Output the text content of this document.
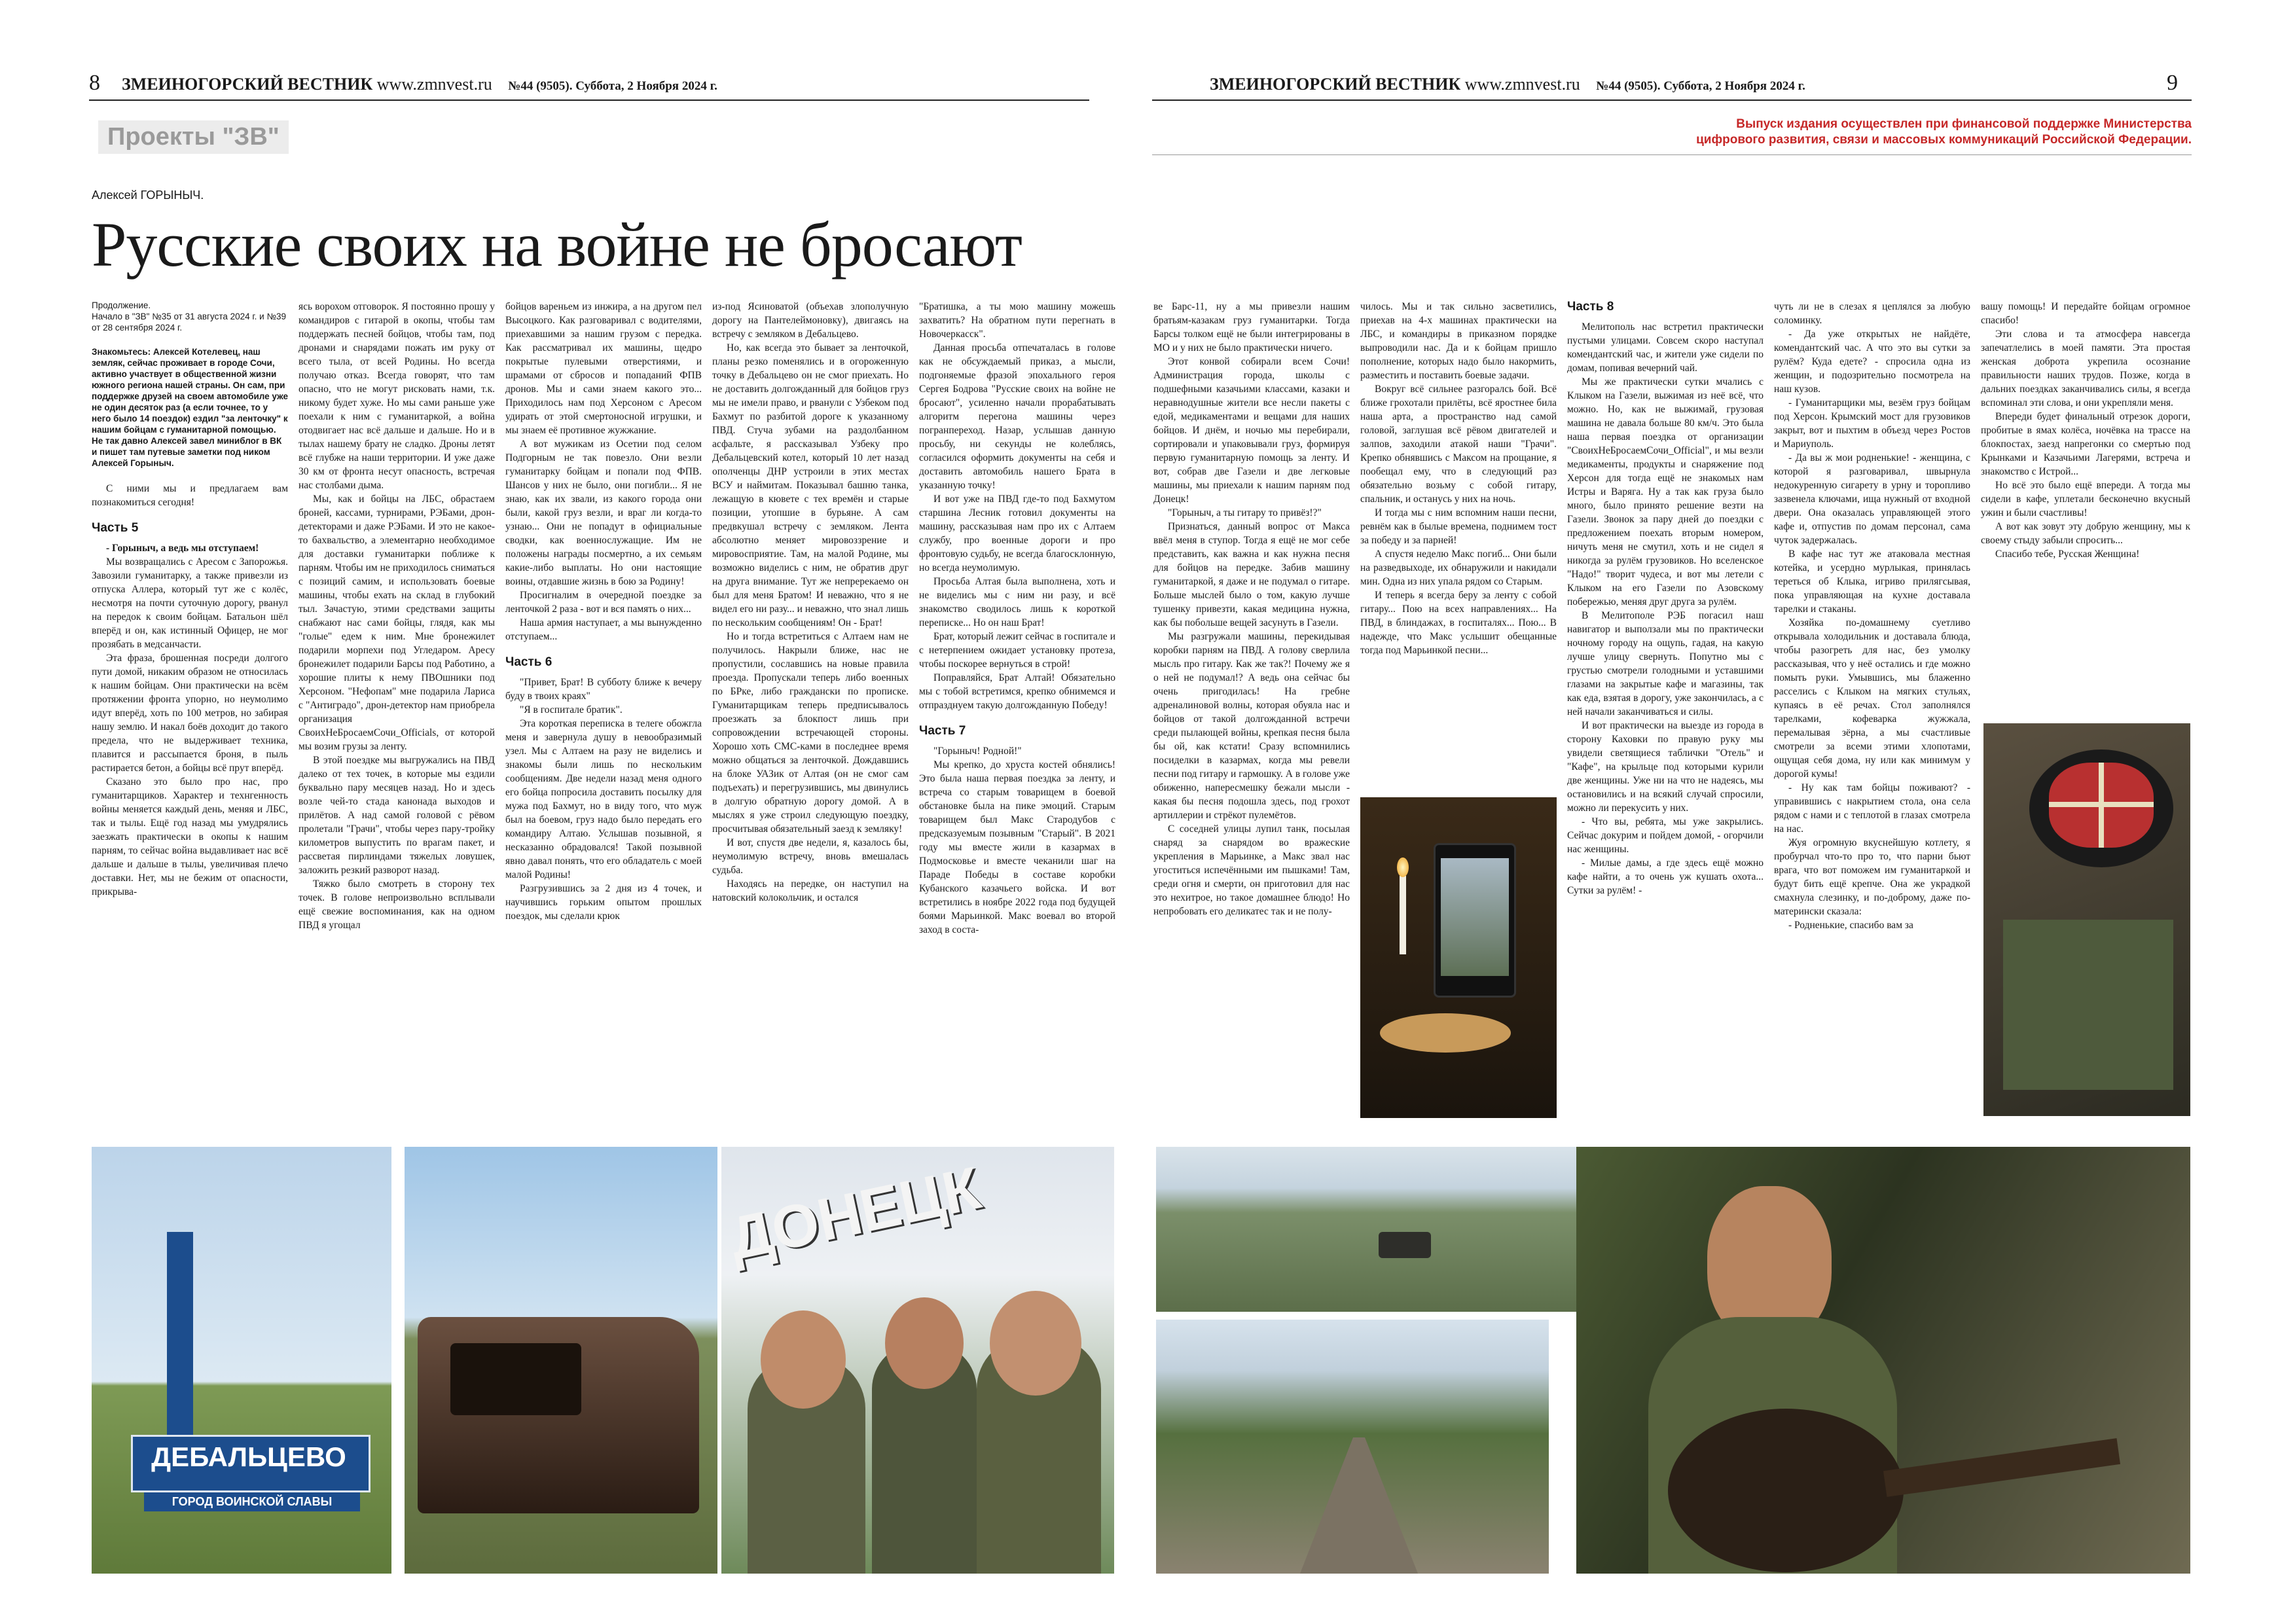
8 ЗМЕИНОГОРСКИЙ ВЕСТНИК www.zmnvest.ru №44 (9505). Суббота, 2 Ноября 2024 г.	ЗМЕИНОГОРСКИЙ ВЕСТНИК www.zmnvest.ru №44 (9505). Суббота, 2 Ноября 2024 г.	9
Проекты "ЗВ"	Выпуск издания осуществлен при финансовой поддержке Министерства
цифрового развития, связи и массовых коммуникаций Российской Федерации.
Алексей ГОРЫНЫЧ.
Русские своих на войне не бросают
Продолжение.
Начало в "ЗВ" №35 от 31 августа 2024 г. и №39 от 28 сентября 2024 г.
Знакомьтесь: Алексей Котелевец, наш земляк, сейчас проживает в городе Сочи, активно участвует в общественной жизни южного региона нашей страны. Он сам, при поддержке друзей на своем автомобиле уже не один десяток раз (а если точнее, то у него было 14 поездок) ездил "за ленточку" к нашим бойцам с гуманитарной помощью. Не так давно Алексей завел миниблог в ВК и пишет там путевые заметки под ником Алексей Горыныч.

С ними мы и предлагаем вам познакомиться сегодня!

Часть 5

- Горыныч, а ведь мы отступаем!

Мы возвращались с Аресом с Запорожья. Завозили гуманитарку, а также привезли из отпуска Аллера, который тут же с колёс, несмотря на почти суточную дорогу, рванул на передок к своим бойцам. Батальон шёл вперёд и он, как истинный Офицер, не мог прозябать в медсанчасти.

Эта фраза, брошенная посреди долгого пути домой, никаким образом не относилась к нашим бойцам. Они практически на всём протяжении фронта упорно, но неумолимо идут вперёд, хоть по 100 метров, но забирая нашу землю. И накал боёв доходит до такого предела, что не выдерживает техника, плавится и рассыпается броня, в пыль растирается бетон, а бойцы всё прут вперёд.

Сказано это было про нас, про гуманитарщиков. Характер и технгенность войны меняется каждый день, меняя и ЛБС, так и тылы. Ещё год назад мы умудрялись заезжать практически в окопы к нашим парням, то сейчас война выдавливает нас всё дальше и дальше в тылы, увеличивая плечо доставки. Нет, мы не бежим от опасности, прикрыва-

ясь ворохом отговорок. Я постоянно прошу у командиров с гитарой в окопы, чтобы там поддержать песней бойцов, чтобы там, под дронами и снарядами пожать им руку от всего тыла, от всей Родины. Но всегда получаю отказ. Всегда говорят, что там опасно, что не могут рисковать нами, т.к. никому будет хуже. Но мы сами раньше уже поехали к ним с гуманитаркой, а война отодвигает нас всё дальше и дальше. Но и в тылах нашему брату не сладко. Дроны летят всё глубже на наши территории. И уже даже 30 км от фронта несут опасность, встречая нас столбами дыма.

Мы, как и бойцы на ЛБС, обрастаем броней, кассами, турнирами, РЭБами, дрон-детекторами и даже РЭБами. И это не какое-то бахвальство, а элементарно необходимое для доставки гуманитарки поближе к парням. Чтобы им не приходилось сниматься с позиций самим, и использовать боевые машины, чтобы ехать на склад в глубокий тыл. Зачастую, этими средствами защиты снабжают нас сами бойцы, глядя, как мы "голые" едем к ним. Мне бронежилет подарили морпехи под Угледаром. Аресу бронежилет подарили Барсы под Работино, а хорошие плиты к нему ПВОшники под Херсоном. "Нефопам" мне подарила Лариса с "Антиградо", дрон-детектор нам приобрела организация СвоихНеБросаемСочи_Officials, от которой мы возим грузы за ленту.

В этой поездке мы выгружались на ПВД далеко от тех точек, в которые мы ездили буквально пару месяцев назад. Но и здесь возле чей-то стада канонада выходов и прилётов. А над самой головой с рёвом пролетали "Грачи", чтобы через пару-тройку километров выпустить по врагам пакет, и рассветая пирлиндами тяжелых ловушек, заложить резкий разворот назад.

Тяжко было смотреть в сторону тех точек. В голове непроизвольно всплывали ещё свежие воспоминания, как на одном ПВД я угощал

бойцов вареньем из инжира, а на другом пел Высоцкого. Как разговаривал с водителями, приехавшими за нашим грузом с передка. Как рассматривал их машины, щедро покрытые пулевыми отверстиями, и шрамами от сбросов и попаданий ФПВ дронов. Мы и сами знаем какого это... Приходилось нам под Херсоном с Аресом удирать от этой смертоносной игрушки, и мы знаем её противное жужжание.

А вот мужикам из Осетии под селом Подгорным не так повезло. Они везли гуманитарку бойцам и попали под ФПВ. Шансов у них не было, они погибли... Я не знаю, как их звали, из какого города они были, какой груз везли, и враг ли когда-то узнаю... Они не попадут в официальные сводки, как военнослужащие. Им не положены награды посмертно, а их семьям какие-либо выплаты. Но они настоящие воины, отдавшие жизнь в бою за Родину!

Просигналим в очередной поездке за ленточкой 2 раза - вот и вся память о них...

Наша армия наступает, а мы вынужденно отступаем...

Часть 6

"Привет, Брат! В субботу ближе к вечеру буду в твоих краях"

"Я в госпитале братик".

Эта короткая переписка в телеге обожгла меня и завернула душу в невообразимый узел. Мы с Алтаем на разу не виделись и знакомы были лишь по нескольким сообщениям. Две недели назад меня одного его бойца попросила доставить посылку для мужа под Бахмут, но в виду того, что муж был на боевом, груз надо было передать его командиру Алтаю. Услышав позывной, я несказанно обрадовался! Такой позывной явно давал понять, что его обладатель с моей малой Родины!

Разгрузившись за 2 дня из 4 точек, и научившись горьким опытом прошлых поездок, мы сделали крюк

из-под Ясиноватой (объехав злополучную дорогу на Пантелеймоновку), двигаясь на встречу с земляком в Дебальцево.

Но, как всегда это бывает за ленточкой, планы резко поменялись и в огороженную точку в Дебальцево он не смог приехать. Но не доставить долгожданный для бойцов груз мы не имели право, и рванули с Узбеком под Бахмут по разбитой дороге к указанному ПВД. Стуча зубами на раздолбанном асфальте, я рассказывал Узбеку про Дебальцевский котел, который 10 лет назад ополченцы ДНР устроили в этих местах ВСУ и наймитам. Показывал башню танка, лежащую в кювете с тех времён и старые позиции, утопшие в бурьяне. А сам предвкушал встречу с земляком. Лента абсолютно меняет мировоззрение и мировосприятие. Там, на малой Родине, мы возможно виделись с ним, не обратив друг на друга внимание. Тут же непререкаемо он был для меня Братом! И неважно, что я не видел его ни разу... и неважно, что знал лишь по нескольким сообщениям! Он - Брат!

Но и тогда встретиться с Алтаем нам не получилось. Накрыли ближе, нас не пропустили, сославшись на новые правила проезда. Пропускали теперь либо военных по БРке, либо граждански по прописке. Гуманитарщикам теперь предписывалось проезжать за блокпост лишь при сопровождении встречающей стороны. Хорошо хоть СМС-ками в последнее время можно общаться за ленточкой. Дождавшись на блоке УАЗик от Алтая (он не смог сам подъехать) и перегрузившись, мы двинулись в долгую обратную дорогу домой. А в мыслях я уже строил следующую поездку, просчитывая обязательный заезд к земляку!

И вот, спустя две недели, я, казалось бы, неумолимую встречу, вновь вмешалась судьба.

Находясь на передке, он наступил на натовский колокольчик, и остался

"Братишка, а ты мою машину можешь захватить? На обратном пути перегнать в Новочеркасск".

Данная просьба отпечаталась в голове как не обсуждаемый приказ, а мысли, подгоняемые фразой эпохального героя Сергея Бодрова "Русские своих на войне не бросают", усиленно начали прорабатывать алгоритм перегона машины через погранпереход. Назар, услышав данную просьбу, ни секунды не колеблясь, согласился оформить документы на себя и доставить автомобиль нашего Брата в указанную точку!

И вот уже на ПВД где-то под Бахмутом старшина Лесник готовил документы на машину, рассказывая нам про их с Алтаем службу, про военные дороги и про фронтовую судьбу, не всегда благосклонную, но всегда неумолимую.

Просьба Алтая была выполнена, хоть и не виделись мы с ним ни разу, и всё знакомство сводилось лишь к короткой переписке... Но он наш Брат!

Брат, который лежит сейчас в госпитале и с нетерпением ожидает установку протеза, чтобы поскорее вернуться в строй!

Поправляйся, Брат Алтай! Обязательно мы с тобой встретимся, крепко обнимемся и отпразднуем такую долгожданную Победу!

Часть 7

"Горыныч! Родной!"

Мы крепко, до хруста костей обнялись! Это была наша первая поездка за ленту, и встреча со старым товарищем в боевой обстановке была на пике эмоций. Старым товарищем был Макс Стародубов с предсказуемым позывным "Старый". В 2021 году мы вместе жили в казармах в Подмосковье и вместе чеканили шаг на Параде Победы в составе коробки Кубанского казачьего войска. И вот встретились в ноябре 2022 года под будущей боями Марьинкой. Макс воевал во второй заход в соста-

ве Барс-11, ну а мы привезли нашим братьям-казакам груз гуманитарки. Тогда Барсы толком ещё не были интегрированы в МО и у них не было практически ничего.

Этот конвой собирали всем Сочи! Администрация города, школы с подшефными казачьими классами, казаки и неравнодушные жители все несли пакеты с едой, медикаментами и вещами для наших бойцов. И днём, и ночью мы перебирали, сортировали и упаковывали груз, формируя первую гуманитарную помощь за ленту. И вот, собрав две Газели и две легковые машины, мы приехали к нашим парням под Донецк!

"Горыныч, а ты гитару то привёз!?"

Признаться, данный вопрос от Макса ввёл меня в ступор. Тогда я ещё не мог себе представить, как важна и как нужна песня для бойцов на передке. Забив машину гуманитаркой, я даже и не подумал о гитаре. Больше мыслей было о том, какую лучше тушенку привезти, какая медицина нужна, как бы побольше вещей засунуть в Газели.

Мы разгружали машины, перекидывая коробки парням на ПВД. А голову сверлила мысль про гитару. Как же так?! Почему же я о ней не подумал!? А ведь она сейчас бы очень пригодилась! На гребне адреналиновой волны, которая обуяла нас и бойцов от такой долгожданной встречи среди пылающей войны, крепкая песня была бы ой, как кстати! Сразу вспомнились посиделки в казармах, когда мы ревели песни под гитару и гармошку. А в голове уже обиженно, напересмешку бежали мысли - какая бы песня подошла здесь, под грохот артиллерии и стрёкот пулемётов.

С соседней улицы лупил танк, посылая снаряд за снарядом во вражеские укрепления в Марьинке, а Макс звал нас угоститься испечёнными им пышками! Там, среди огня и смерти, он приготовил для нас это нехитрое, но такое домашнее блюдо! Но непробовать его деликатес так и не полу-

чилось. Мы и так сильно засветились, приехав на 4-х машинах практически на ЛБС, и командиры в приказном порядке выпроводили нас. Да и к бойцам пришло пополнение, которых надо было накормить, разместить и поставить боевые задачи.

Вокруг всё сильнее разгоралсь бой. Всё ближе грохотали прилёты, всё яростнее била наша арта, а пространство над самой головой, заглушая всё рёвом двигателей и залпов, заходили атакой наши "Грачи". Крепко обнявшись с Максом на прощание, я пообещал ему, что в следующий раз обязательно возьму с собой гитару, спальник, и останусь у них на ночь.

И тогда мы с ним вспомним наши песни, ревнём как в былые времена, поднимем тост за победу и за парней!

А спустя неделю Макс погиб... Они были на разведвыходе, их обнаружили и накидали мин. Одна из них упала рядом со Старым.

И теперь я всегда беру за ленту с собой гитару... Пою на всех направлениях... На ПВД, в блиндажах, в госпиталях... Пою... В надежде, что Макс услышит обещанные тогда под Марьинкой песни...

Часть 8

Мелитополь нас встретил практически пустыми улицами. Совсем скоро наступал комендантский час, и жители уже сидели по домам, попивая вечерний чай.

Мы же практически сутки мчались с Клыком на Газели, выжимая из неё всё, что можно. Но, как не выжимай, грузовая машина не давала больше 80 км/ч. Это была наша первая поездка от организации "СвоихНеБросаемСочи_Official", и мы везли медикаменты, продукты и снаряжение под Херсон для тогда ещё не знакомых нам Истры и Варяга. Ну а так как груза было много, было принято решение везти на Газели. Звонок за пару дней до поездки с предложением поехать вторым номером, ничуть меня не смутил, хоть и не сидел я никогда за рулём грузовиков. Но вселенское "Надо!" творит чудеса, и вот мы летели с Клыком на его Газели по Азовскому побережью, меняя друг друга за рулём.

В Мелитополе РЭБ погасил наш навигатор и выползали мы по практически ночному городу на ощупь, гадая, на какую лучше улицу свернуть. Попутно мы с грустью смотрели голодными и уставшими глазами на закрытые кафе и магазины, так как еда, взятая в дорогу, уже закончилась, а с ней начали заканчиваться и силы.

И вот практически на выезде из города в сторону Каховки по правую руку мы увидели светящиеся таблички "Отель" и "Кафе", на крыльце под которыми курили две женщины. Уже ни на что не надеясь, мы остановились и на всякий случай спросили, можно ли перекусить у них.

- Что вы, ребята, мы уже закрылись. Сейчас докурим и пойдем домой, - огорчили нас женщины.

- Милые дамы, а где здесь ещё можно кафе найти, а то очень уж кушать охота... Сутки за рулём! -

чуть ли не в слезах я цеплялся за любую соломинку.

- Да уже открытых не найдёте, комендантский час. А что это вы сутки за рулём? Куда едете? - спросила одна из женщин, и подозрительно посмотрела на наш кузов.

- Гуманитарщики мы, везём груз бойцам под Херсон. Крымский мост для грузовиков закрыт, вот и пыхтим в объезд через Ростов и Мариуполь.

- Да вы ж мои родненькие! - женщина, с которой я разговаривал, швырнула недокуренную сигарету в урну и торопливо зазвенела ключами, ища нужный от входной двери. Она оказалась управляющей этого кафе и, отпустив по домам персонал, сама чуток задержалась.

В кафе нас тут же атаковала местная котейка, и усердно мурлыкая, принялась тереться об Клыка, игриво прилягсывая, пока управляющая на кухне доставала тарелки и стаканы.

Хозяйка по-домашнему суетливо открывала холодильник и доставала блюда, чтобы разогреть для нас, без умолку рассказывая, что у неё остались и где можно помыть руки. Умывшись, мы блаженно расселись с Клыком на мягких стульях, купаясь в её речах. Стол заполнялся тарелками, кофеварка жужжала, перемалывая зёрна, а мы счастливые смотрели за всеми этими хлопотами, ощущая себя дома, ну или как минимум у дорогой кумы!

- Ну как там бойцы поживают? - управившись с накрытием стола, она села рядом с нами и с теплотой в глазах смотрела на нас.

Жуя огромную вкуснейшую котлету, я пробурчал что-то про то, что парни бьют врага, что вот поможем им гуманитаркой и будут бить ещё крепче. Она же украдкой смахнула слезинку, и по-доброму, даже по-матерински сказала:

- Родненькие, спасибо вам за

вашу помощь! И передайте бойцам огромное спасибо!

Эти слова и та атмосфера навсегда запечатлелись в моей памяти. Эта простая женская доброта укрепила осознание правильности наших трудов. Позже, когда в дальних поездках заканчивались силы, я всегда вспоминал эти слова, и они укрепляли меня.

Впереди будет финальный отрезок дороги, пробитые в ямах колёса, ночёвка на трассе на блокпостах, заезд напрегонки со смертью под Крынками и Казачьими Лагерями, встреча и знакомство с Истрой...

Но всё это было ещё впереди. А тогда мы сидели в кафе, уплетали бесконечно вкусный ужин и были счастливы!

А вот как зовут эту добрую женщину, мы к своему стыду забыли спросить...

Спасибо тебе, Русская Женщина!

ДЕБАЛЬЦЕВО
ГОРОД ВОИНСКОЙ СЛАВЫ
ДОНЕЦК
